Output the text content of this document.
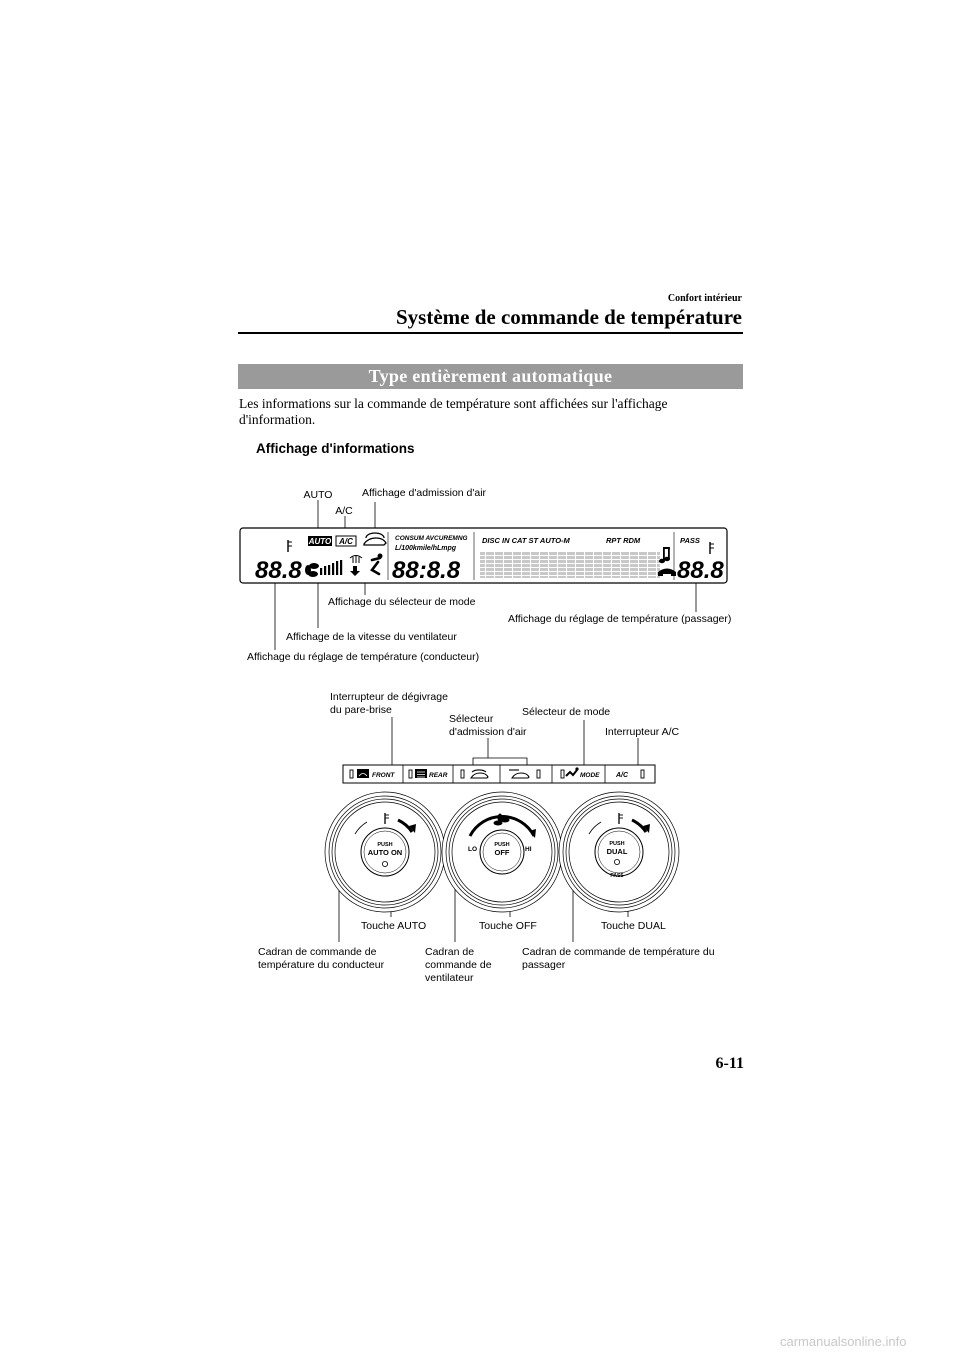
Confort intérieur
Système de commande de température
Type entièrement automatique
Les informations sur la commande de température sont affichées sur l'affichage d'information.
Affichage d'informations
AUTO A/C	CONSUM AVCUREMNG
L/100kmile/hLmpg
DISC IN CAT ST AUTO-M	RPT RDM	PASS
88.8	88:8.8	88.8
AUTO
A/C
Affichage d'admission d'air
Affichage du sélecteur de mode
Affichage du réglage de température (passager)
Affichage de la vitesse du ventilateur
Affichage du réglage de température (conducteur)
FRONT	REAR	MODE A/C
PUSH
AUTO ON	LO	HI
PUSH
OFF
PUSH
DUAL
PASS
Interrupteur de dégivrage
du pare-brise
Sélecteur
d'admission d'air
Sélecteur de mode
Interrupteur A/C
Touche AUTO	Touche OFF	Touche DUAL
Cadran de commande de
température du conducteur
Cadran de
commande de
ventilateur
Cadran de commande de température du
passager
6-11
carmanualsonline.info
